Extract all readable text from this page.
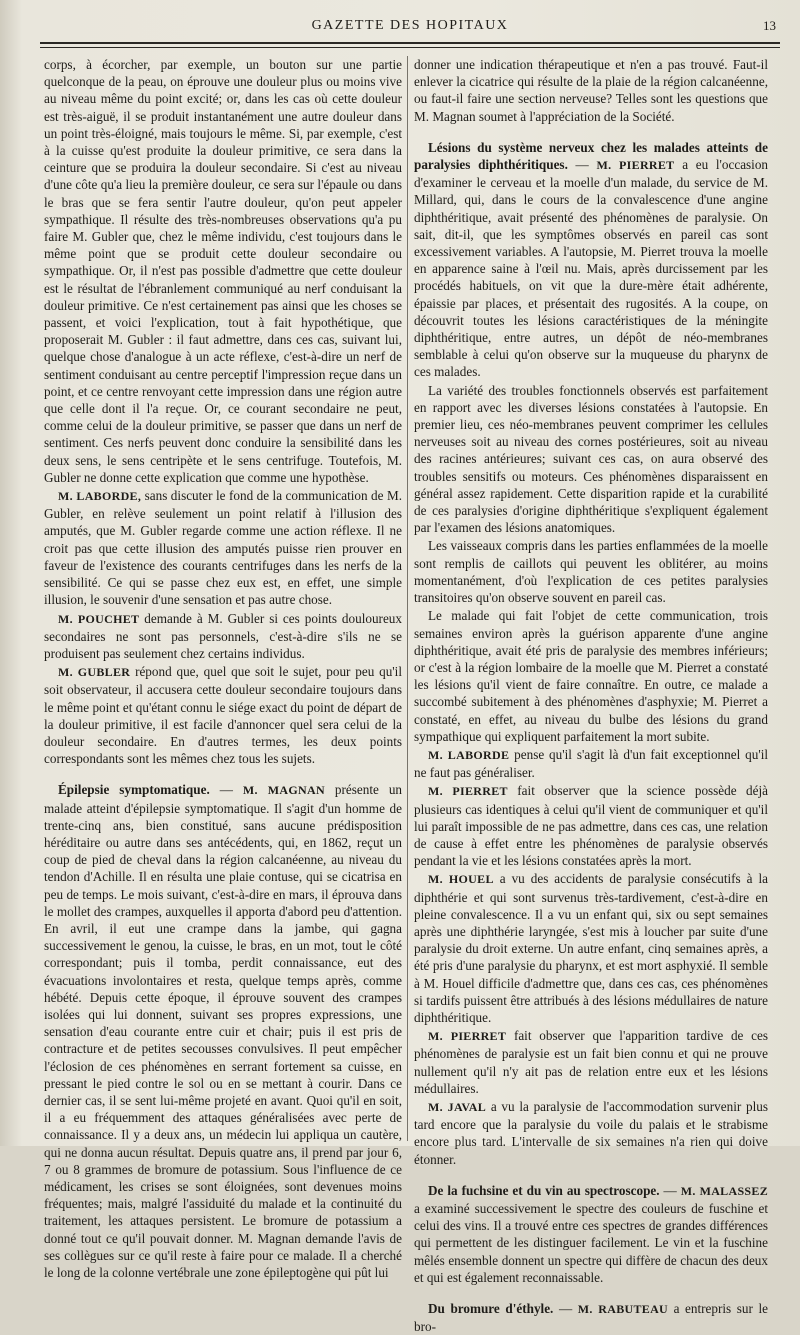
GAZETTE DES HOPITAUX	13

corps, à écorcher, par exemple, un bouton sur une partie quelconque de la peau, on éprouve une douleur plus ou moins vive au niveau même du point excité; or, dans les cas où cette douleur est très-aiguë, il se produit instantanément une autre douleur dans un point très-éloigné, mais toujours le même. Si, par exemple, c'est à la cuisse qu'est produite la douleur primitive, ce sera dans la ceinture que se produira la douleur secondaire. Si c'est au niveau d'une côte qu'a lieu la première douleur, ce sera sur l'épaule ou dans le bras que se fera sentir l'autre douleur, qu'on peut appeler sympathique. Il résulte des très-nombreuses observations qu'a pu faire M. Gubler que, chez le même individu, c'est toujours dans le même point que se produit cette douleur secondaire ou sympathique. Or, il n'est pas possible d'admettre que cette douleur est le résultat de l'ébranlement communiqué au nerf conduisant la douleur primitive. Ce n'est certainement pas ainsi que les choses se passent, et voici l'explication, tout à fait hypothétique, que proposerait M. Gubler : il faut admettre, dans ces cas, suivant lui, quelque chose d'analogue à un acte réflexe, c'est-à-dire un nerf de sentiment conduisant au centre perceptif l'impression reçue dans un point, et ce centre renvoyant cette impression dans une région autre que celle dont il l'a reçue. Or, ce courant secondaire ne peut, comme celui de la douleur primitive, se passer que dans un nerf de sentiment. Ces nerfs peuvent donc conduire la sensibilité dans les deux sens, le sens centripète et le sens centrifuge. Toutefois, M. Gubler ne donne cette explication que comme une hypothèse.

M. LABORDE, sans discuter le fond de la communication de M. Gubler, en relève seulement un point relatif à l'illusion des amputés, que M. Gubler regarde comme une action réflexe. Il ne croit pas que cette illusion des amputés puisse rien prouver en faveur de l'existence des courants centrifuges dans les nerfs de la sensibilité. Ce qui se passe chez eux est, en effet, une simple illusion, le souvenir d'une sensation et pas autre chose.

M. POUCHET demande à M. Gubler si ces points douloureux secondaires ne sont pas personnels, c'est-à-dire s'ils ne se produisent pas seulement chez certains individus.

M. GUBLER répond que, quel que soit le sujet, pour peu qu'il soit observateur, il accusera cette douleur secondaire toujours dans le même point et qu'étant connu le siége exact du point de départ de la douleur primitive, il est facile d'annoncer quel sera celui de la douleur secondaire. En d'autres termes, les deux points correspondants sont les mêmes chez tous les sujets.

Épilepsie symptomatique. — M. MAGNAN présente un malade atteint d'épilepsie symptomatique. Il s'agit d'un homme de trente-cinq ans, bien constitué, sans aucune prédisposition héréditaire ou autre dans ses antécédents, qui, en 1862, reçut un coup de pied de cheval dans la région calcanéenne, au niveau du tendon d'Achille. Il en résulta une plaie contuse, qui se cicatrisa en peu de temps. Le mois suivant, c'est-à-dire en mars, il éprouva dans le mollet des crampes, auxquelles il apporta d'abord peu d'attention. En avril, il eut une crampe dans la jambe, qui gagna successivement le genou, la cuisse, le bras, en un mot, tout le côté correspondant; puis il tomba, perdit connaissance, eut des évacuations involontaires et resta, quelque temps après, comme hébété. Depuis cette époque, il éprouve souvent des crampes isolées qui lui donnent, suivant ses propres expressions, une sensation d'eau courante entre cuir et chair; puis il est pris de contracture et de petites secousses convulsives. Il peut empêcher l'éclosion de ces phénomènes en serrant fortement sa cuisse, en pressant le pied contre le sol ou en se mettant à courir. Dans ce dernier cas, il se sent lui-même projeté en avant. Quoi qu'il en soit, il a eu fréquemment des attaques généralisées avec perte de connaissance. Il y a deux ans, un médecin lui appliqua un cautère, qui ne donna aucun résultat. Depuis quatre ans, il prend par jour 6, 7 ou 8 grammes de bromure de potassium. Sous l'influence de ce médicament, les crises se sont éloignées, sont devenues moins fréquentes; mais, malgré l'assiduité du malade et la continuité du traitement, les attaques persistent. Le bromure de potassium a donné tout ce qu'il pouvait donner. M. Magnan demande l'avis de ses collègues sur ce qu'il reste à faire pour ce malade. Il a cherché le long de la colonne vertébrale une zone épileptogène qui pût lui

donner une indication thérapeutique et n'en a pas trouvé. Faut-il enlever la cicatrice qui résulte de la plaie de la région calcanéenne, ou faut-il faire une section nerveuse? Telles sont les questions que M. Magnan soumet à l'appréciation de la Société.

Lésions du système nerveux chez les malades atteints de paralysies diphthéritiques. — M. PIERRET a eu l'occasion d'examiner le cerveau et la moelle d'un malade, du service de M. Millard, qui, dans le cours de la convalescence d'une angine diphthéritique, avait présenté des phénomènes de paralysie. On sait, dit-il, que les symptômes observés en pareil cas sont excessivement variables. A l'autopsie, M. Pierret trouva la moelle en apparence saine à l'œil nu. Mais, après durcissement par les procédés habituels, on vit que la dure-mère était adhérente, épaissie par places, et présentait des rugosités. A la coupe, on découvrit toutes les lésions caractéristiques de la méningite diphthéritique, entre autres, un dépôt de néo-membranes semblable à celui qu'on observe sur la muqueuse du pharynx de ces malades.

La variété des troubles fonctionnels observés est parfaitement en rapport avec les diverses lésions constatées à l'autopsie. En premier lieu, ces néo-membranes peuvent comprimer les cellules nerveuses soit au niveau des cornes postérieures, soit au niveau des racines antérieures; suivant ces cas, on aura observé des troubles sensitifs ou moteurs. Ces phénomènes disparaissent en général assez rapidement. Cette disparition rapide et la curabilité de ces paralysies d'origine diphthéritique s'expliquent également par l'examen des lésions anatomiques.

Les vaisseaux compris dans les parties enflammées de la moelle sont remplis de caillots qui peuvent les oblitérer, au moins momentanément, d'où l'explication de ces petites paralysies transitoires qu'on observe souvent en pareil cas.

Le malade qui fait l'objet de cette communication, trois semaines environ après la guérison apparente d'une angine diphthéritique, avait été pris de paralysie des membres inférieurs; or c'est à la région lombaire de la moelle que M. Pierret a constaté les lésions qu'il vient de faire connaître. En outre, ce malade a succombé subitement à des phénomènes d'asphyxie; M. Pierret a constaté, en effet, au niveau du bulbe des lésions du grand sympathique qui expliquent parfaitement la mort subite.

M. LABORDE pense qu'il s'agit là d'un fait exceptionnel qu'il ne faut pas généraliser.

M. PIERRET fait observer que la science possède déjà plusieurs cas identiques à celui qu'il vient de communiquer et qu'il lui paraît impossible de ne pas admettre, dans ces cas, une relation de cause à effet entre les phénomènes de paralysie observés pendant la vie et les lésions constatées après la mort.

M. HOUEL a vu des accidents de paralysie consécutifs à la diphthérie et qui sont survenus très-tardivement, c'est-à-dire en pleine convalescence. Il a vu un enfant qui, six ou sept semaines après une diphthérie laryngée, s'est mis à loucher par suite d'une paralysie du droit externe. Un autre enfant, cinq semaines après, a été pris d'une paralysie du pharynx, et est mort asphyxié. Il semble à M. Houel difficile d'admettre que, dans ces cas, ces phénomènes si tardifs puissent être attribués à des lésions médullaires de nature diphthéritique.

M. PIERRET fait observer que l'apparition tardive de ces phénomènes de paralysie est un fait bien connu et qui ne prouve nullement qu'il n'y ait pas de relation entre eux et les lésions médullaires.

M. JAVAL a vu la paralysie de l'accommodation survenir plus tard encore que la paralysie du voile du palais et le strabisme encore plus tard. L'intervalle de six semaines n'a rien qui doive étonner.

De la fuchsine et du vin au spectroscope. — M. MALASSEZ a examiné successivement le spectre des couleurs de fuschine et celui des vins. Il a trouvé entre ces spectres de grandes différences qui permettent de les distinguer facilement. Le vin et la fuschine mêlés ensemble donnent un spectre qui diffère de chacun des deux et qui est également reconnaissable.

Du bromure d'éthyle. — M. RABUTEAU a entrepris sur le bro-
